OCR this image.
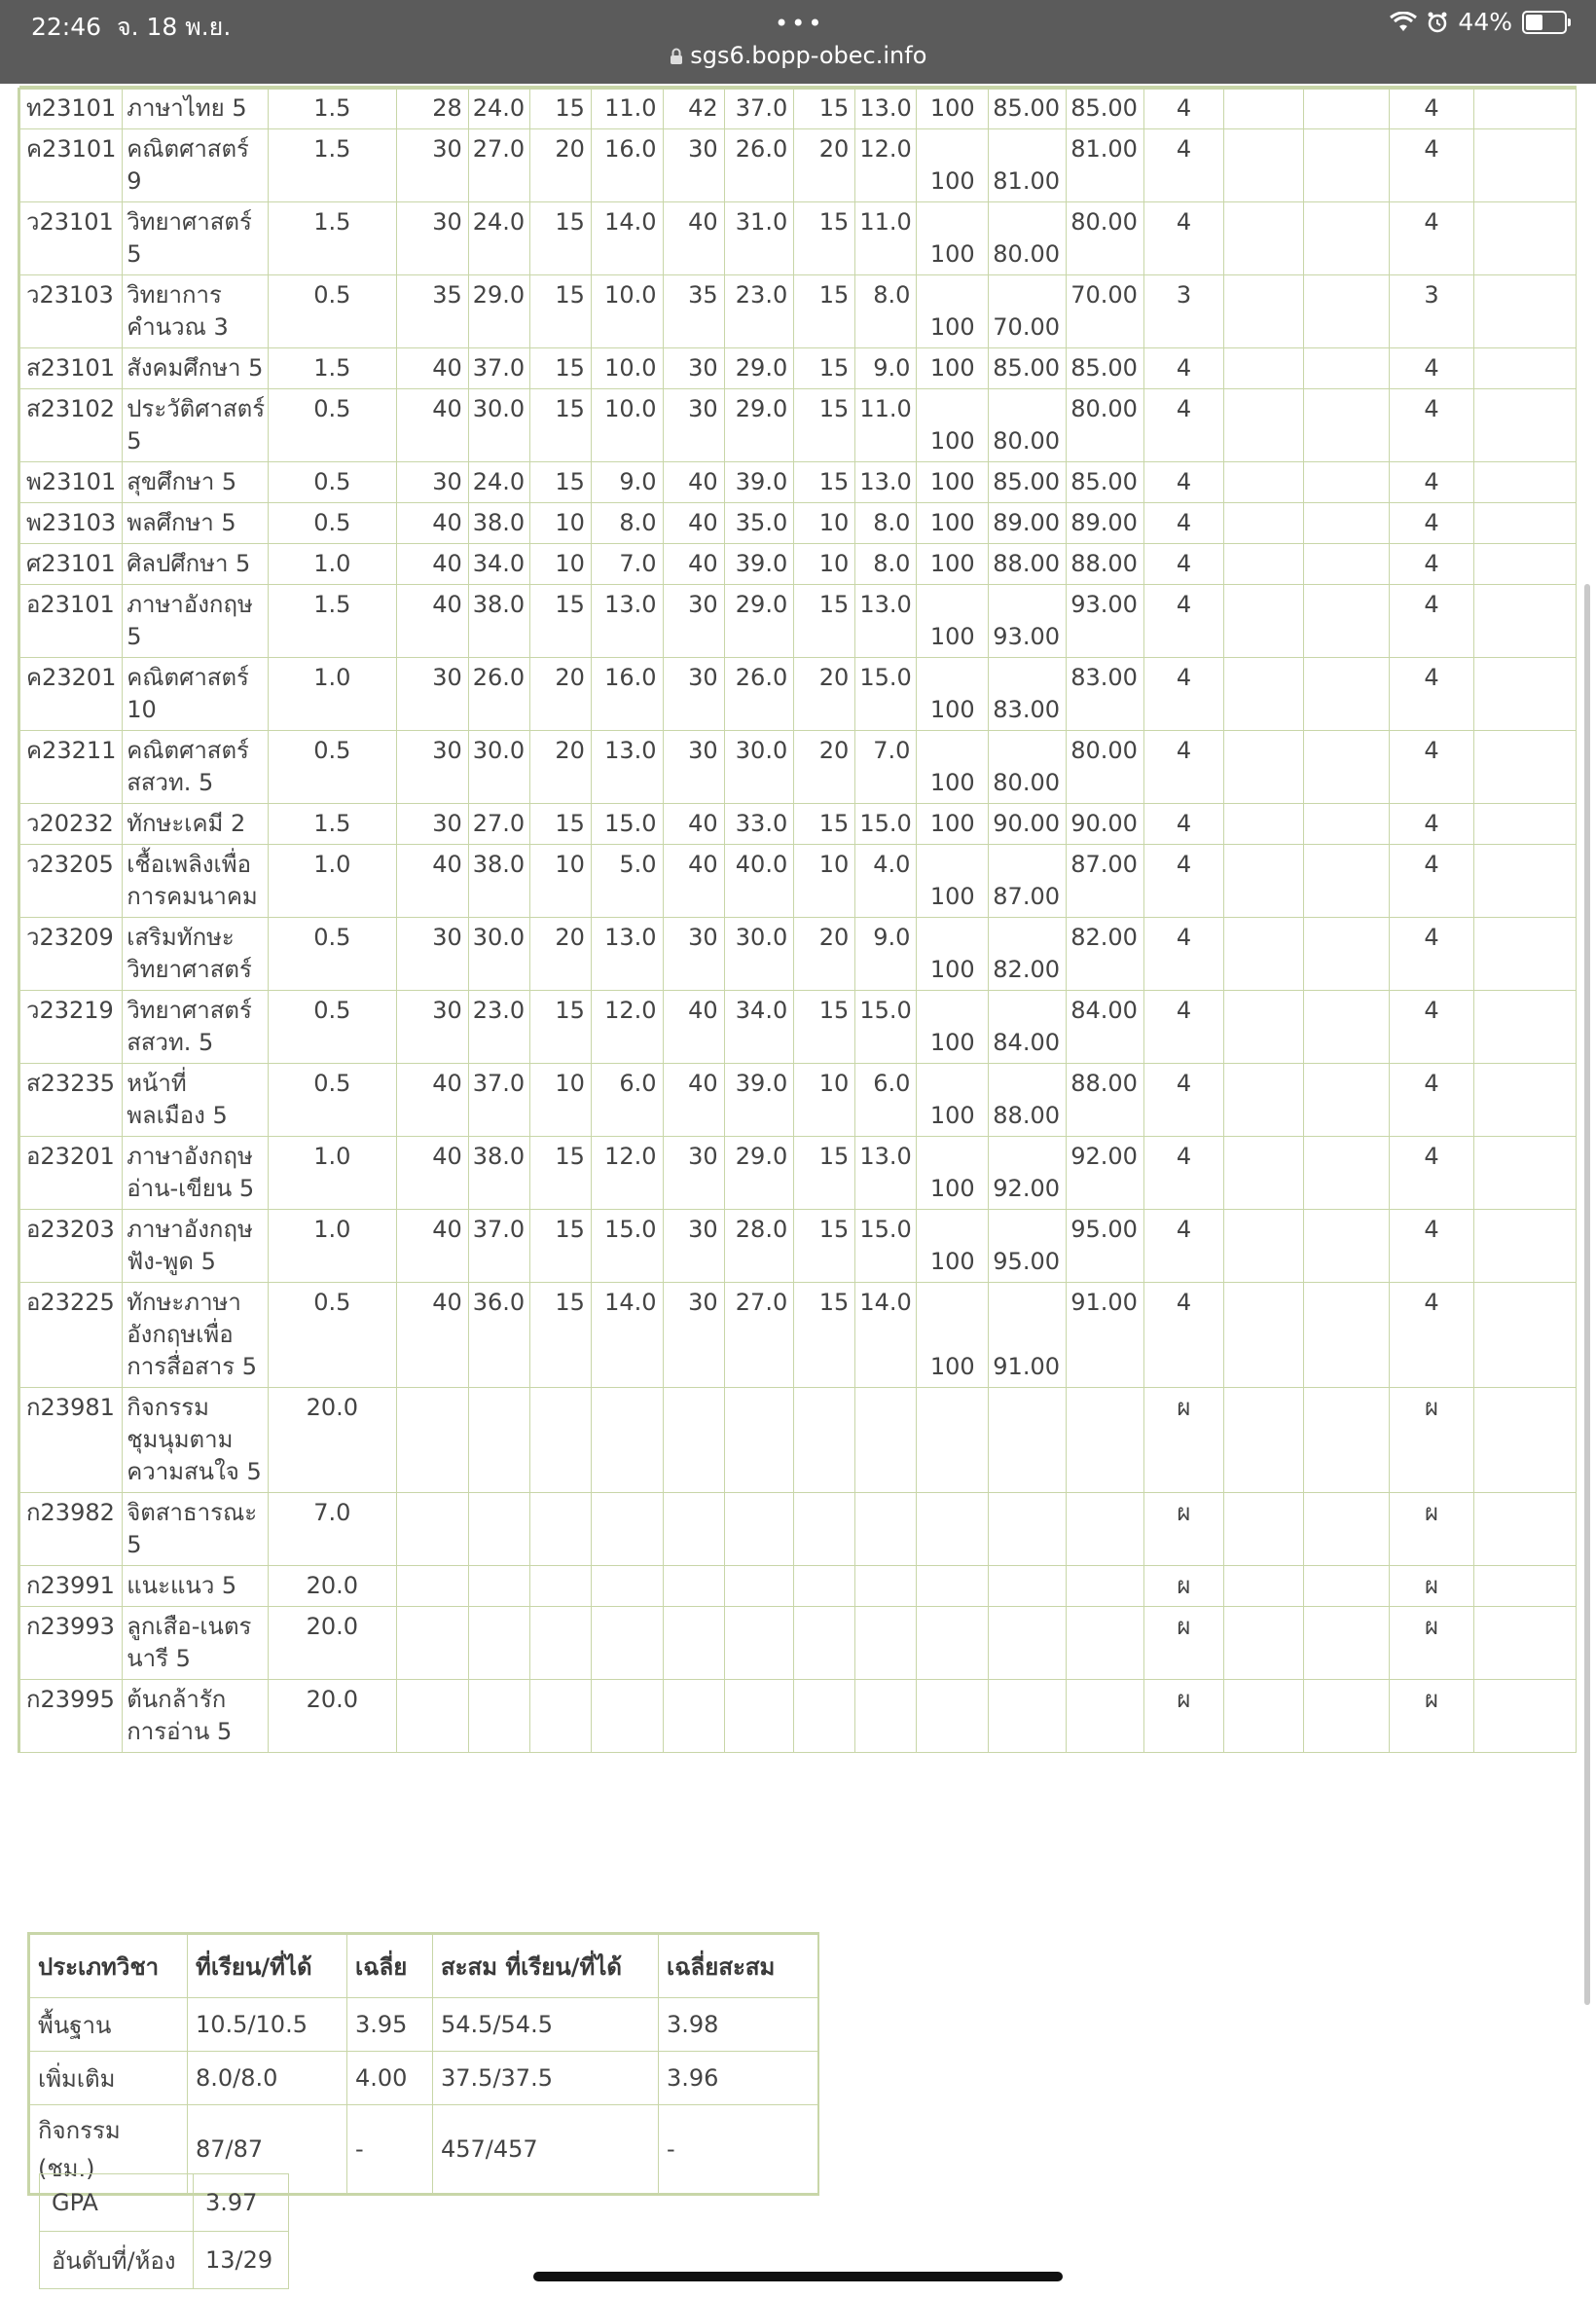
22:46 จ. 18 พ.ย.	•••	44%
sgs6.bopp-obec.info
ท23101	ภาษาไทย 5	1.5	28	24.0	15	11.0	42	37.0	15	13.0	100	85.00	85.00	4			4	
ค23101	คณิตศาสตร์ 9	1.5	30	27.0	20	16.0	30	26.0	20	12.0	100	81.00	81.00	4			4	
ว23101	วิทยาศาสตร์ 5	1.5	30	24.0	15	14.0	40	31.0	15	11.0	100	80.00	80.00	4			4	
ว23103	วิทยาการคำนวณ 3	0.5	35	29.0	15	10.0	35	23.0	15	8.0	100	70.00	70.00	3			3	
ส23101	สังคมศึกษา 5	1.5	40	37.0	15	10.0	30	29.0	15	9.0	100	85.00	85.00	4			4	
ส23102	ประวัติศาสตร์ 5	0.5	40	30.0	15	10.0	30	29.0	15	11.0	100	80.00	80.00	4			4	
พ23101	สุขศึกษา 5	0.5	30	24.0	15	9.0	40	39.0	15	13.0	100	85.00	85.00	4			4	
พ23103	พลศึกษา 5	0.5	40	38.0	10	8.0	40	35.0	10	8.0	100	89.00	89.00	4			4	
ศ23101	ศิลปศึกษา 5	1.0	40	34.0	10	7.0	40	39.0	10	8.0	100	88.00	88.00	4			4	
อ23101	ภาษาอังกฤษ 5	1.5	40	38.0	15	13.0	30	29.0	15	13.0	100	93.00	93.00	4			4	
ค23201	คณิตศาสตร์ 10	1.0	30	26.0	20	16.0	30	26.0	20	15.0	100	83.00	83.00	4			4	
ค23211	คณิตศาสตร์ สสวท. 5	0.5	30	30.0	20	13.0	30	30.0	20	7.0	100	80.00	80.00	4			4	
ว20232	ทักษะเคมี 2	1.5	30	27.0	15	15.0	40	33.0	15	15.0	100	90.00	90.00	4			4	
ว23205	เชื้อเพลิงเพื่อการคมนาคม	1.0	40	38.0	10	5.0	40	40.0	10	4.0	100	87.00	87.00	4			4	
ว23209	เสริมทักษะวิทยาศาสตร์	0.5	30	30.0	20	13.0	30	30.0	20	9.0	100	82.00	82.00	4			4	
ว23219	วิทยาศาสตร์ สสวท. 5	0.5	30	23.0	15	12.0	40	34.0	15	15.0	100	84.00	84.00	4			4	
ส23235	หน้าที่พลเมือง 5	0.5	40	37.0	10	6.0	40	39.0	10	6.0	100	88.00	88.00	4			4	
อ23201	ภาษาอังกฤษอ่าน-เขียน 5	1.0	40	38.0	15	12.0	30	29.0	15	13.0	100	92.00	92.00	4			4	
อ23203	ภาษาอังกฤษฟัง-พูด 5	1.0	40	37.0	15	15.0	30	28.0	15	15.0	100	95.00	95.00	4			4	
อ23225	ทักษะภาษาอังกฤษเพื่อการสื่อสาร 5	0.5	40	36.0	15	14.0	30	27.0	15	14.0	100	91.00	91.00	4			4	
ก23981	กิจกรรมชุมนุมตามความสนใจ 5	20.0												ผ			ผ	
ก23982	จิตสาธารณะ 5	7.0												ผ			ผ	
ก23991	แนะแนว 5	20.0												ผ			ผ	
ก23993	ลูกเสือ-เนตรนารี 5	20.0												ผ			ผ	
ก23995	ต้นกล้ารักการอ่าน 5	20.0												ผ			ผ	
ประเภทวิชา	ที่เรียน/ที่ได้	เฉลี่ย	สะสม ที่เรียน/ที่ได้	เฉลี่ยสะสม
พื้นฐาน	10.5/10.5	3.95	54.5/54.5	3.98
เพิ่มเติม	8.0/8.0	4.00	37.5/37.5	3.96
กิจกรรม (ชม.)	87/87	-	457/457	-
GPA	3.97
อันดับที่/ห้อง	13/29
